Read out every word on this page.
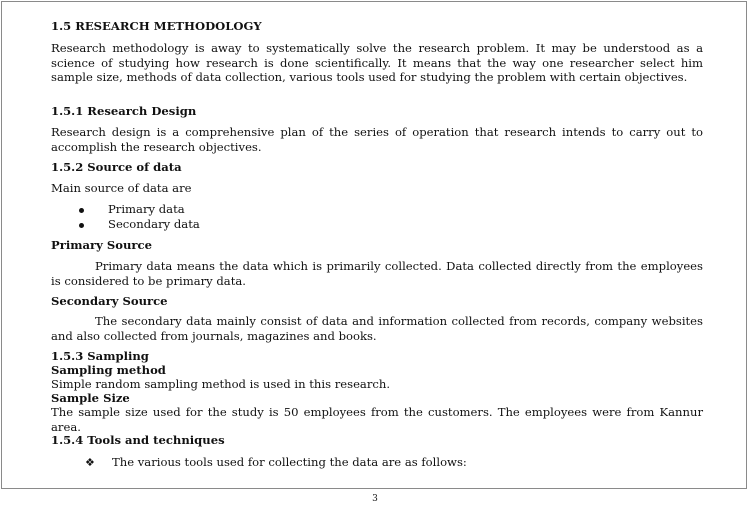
1.5 RESEARCH METHODOLOGY

Research methodology is away to systematically solve the research problem. It may be understood as a science of studying how research is done scientifically. It means that the way one researcher select him sample size, methods of data collection, various tools used for studying the problem with certain objectives.

1.5.1 Research Design

Research design is a comprehensive plan of the series of operation that research intends to carry out to accomplish the research objectives.

1.5.2 Source of data
Main source of data are
Primary data
Secondary data
Primary Source

Primary data means the data which is primarily collected. Data collected directly from the employees is considered to be primary data.

Secondary Source

The secondary data mainly consist of data and information collected from records, company websites and also collected from journals, magazines and books.

1.5.3 Sampling
Sampling method
Simple random sampling method is used in this research.
Sample Size

The sample size used for the study is 50 employees from the customers. The employees were from Kannur area.

1.5.4 Tools and techniques
❖ The various tools used for collecting the data are as follows:
3
